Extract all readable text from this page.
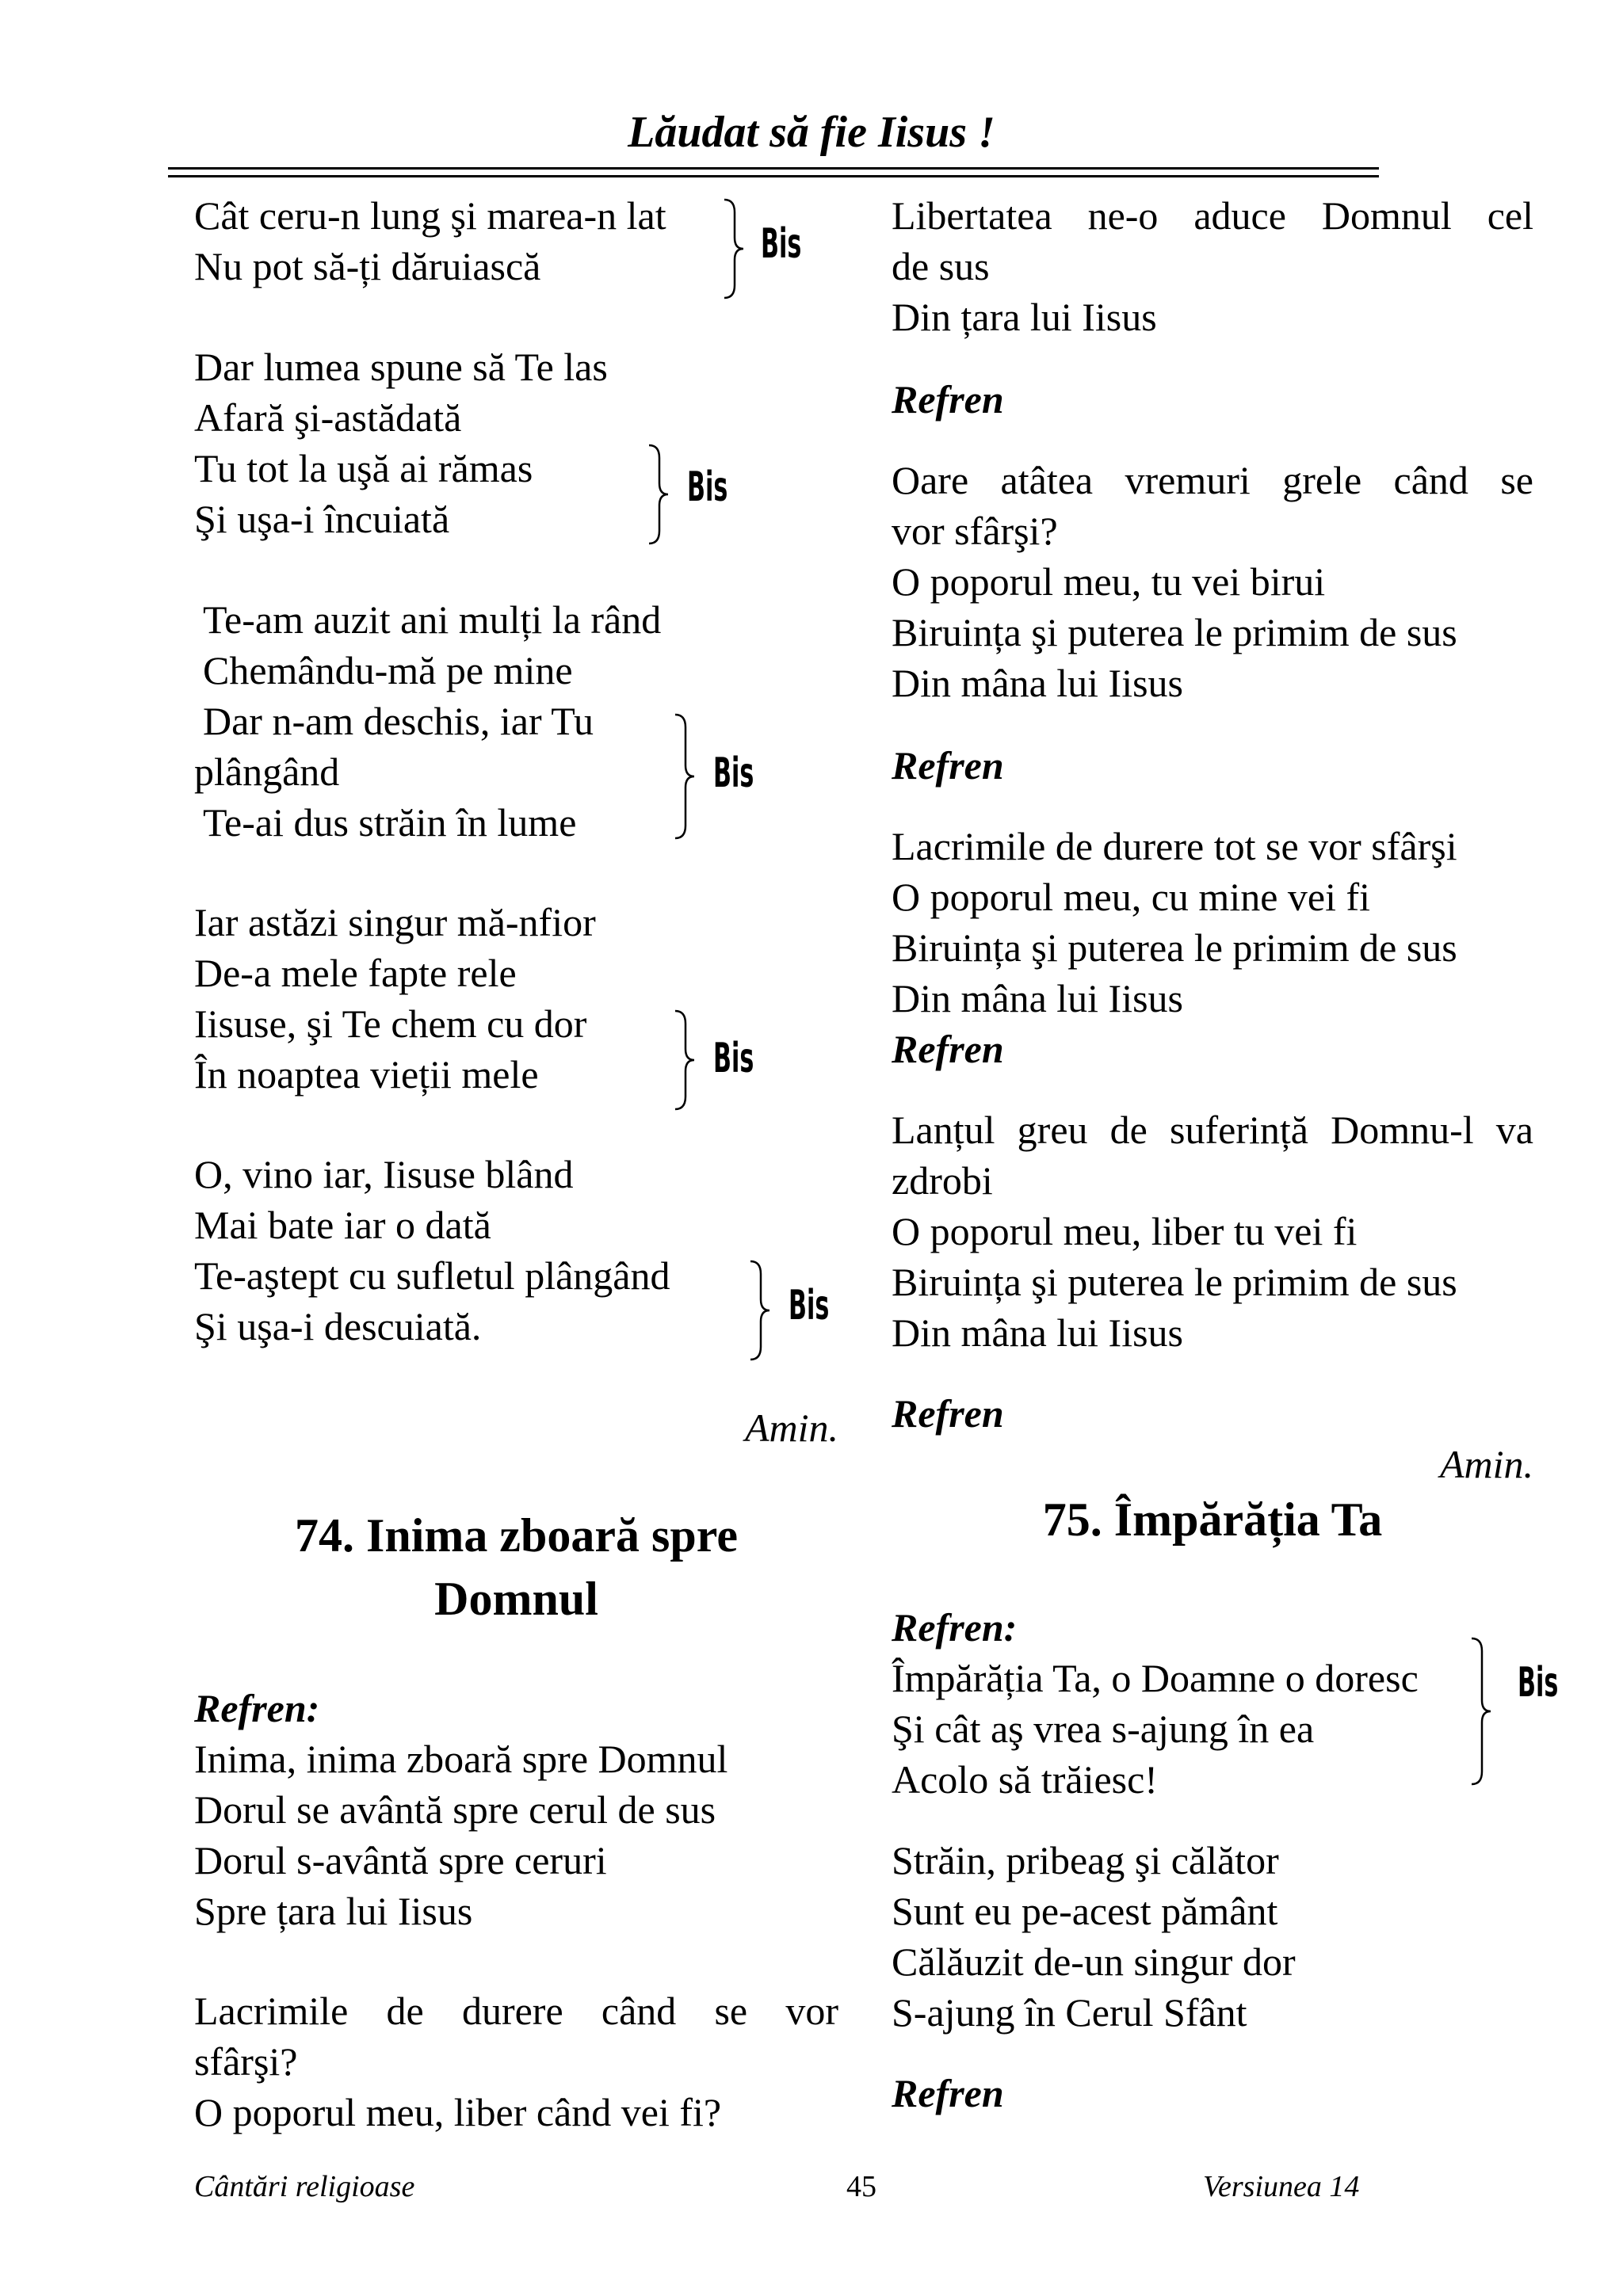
Lăudat să fie Iisus !
Cât ceru-n lung şi marea-n lat
Nu pot să-ți dăruiască	Bis
Dar lumea spune să Te las
Afară şi-astădată
Tu tot la uşă ai rămas
Şi uşa-i încuiată
Bis
Te-am auzit ani mulți la rând
Chemându-mă pe mine
Dar n-am deschis, iar Tu
plângând
Te-ai dus străin în lume
Bis
Iar astăzi singur mă-nfior
De-a mele fapte rele
Iisuse, şi Te chem cu dor
În noaptea vieții mele	Bis
O, vino iar, Iisuse blând
Mai bate iar o dată
Te-aştept cu sufletul plângând
Şi uşa-i descuiată.	Bis
Amin.
74. Inima zboară spre
Domnul
Refren:
Inima, inima zboară spre Domnul
Dorul se avântă spre cerul de sus
Dorul s-avântă spre ceruri
Spre țara lui Iisus
Lacrimile de durere când se vor
sfârşi?
O poporul meu, liber când vei fi?
Libertatea ne-o aduce Domnul cel
de sus
Din țara lui Iisus
Refren
Oare atâtea vremuri grele când se
vor sfârşi?
O poporul meu, tu vei birui
Biruința şi puterea le primim de sus
Din mâna lui Iisus
Refren
Lacrimile de durere tot se vor sfârşi
O poporul meu, cu mine vei fi
Biruința şi puterea le primim de sus
Din mâna lui Iisus
Refren
Lanțul greu de suferință Domnu-l va
zdrobi
O poporul meu, liber tu vei fi
Biruința şi puterea le primim de sus
Din mâna lui Iisus
Refren
Amin.
75. Împărăția Ta
Refren:
Împărăția Ta, o Doamne o doresc
Şi cât aş vrea s-ajung în ea
Acolo să trăiesc!
Bis
Străin, pribeag şi călător
Sunt eu pe-acest pământ
Călăuzit de-un singur dor
S-ajung în Cerul Sfânt
Refren
Cântări religioase	45	Versiunea 14
